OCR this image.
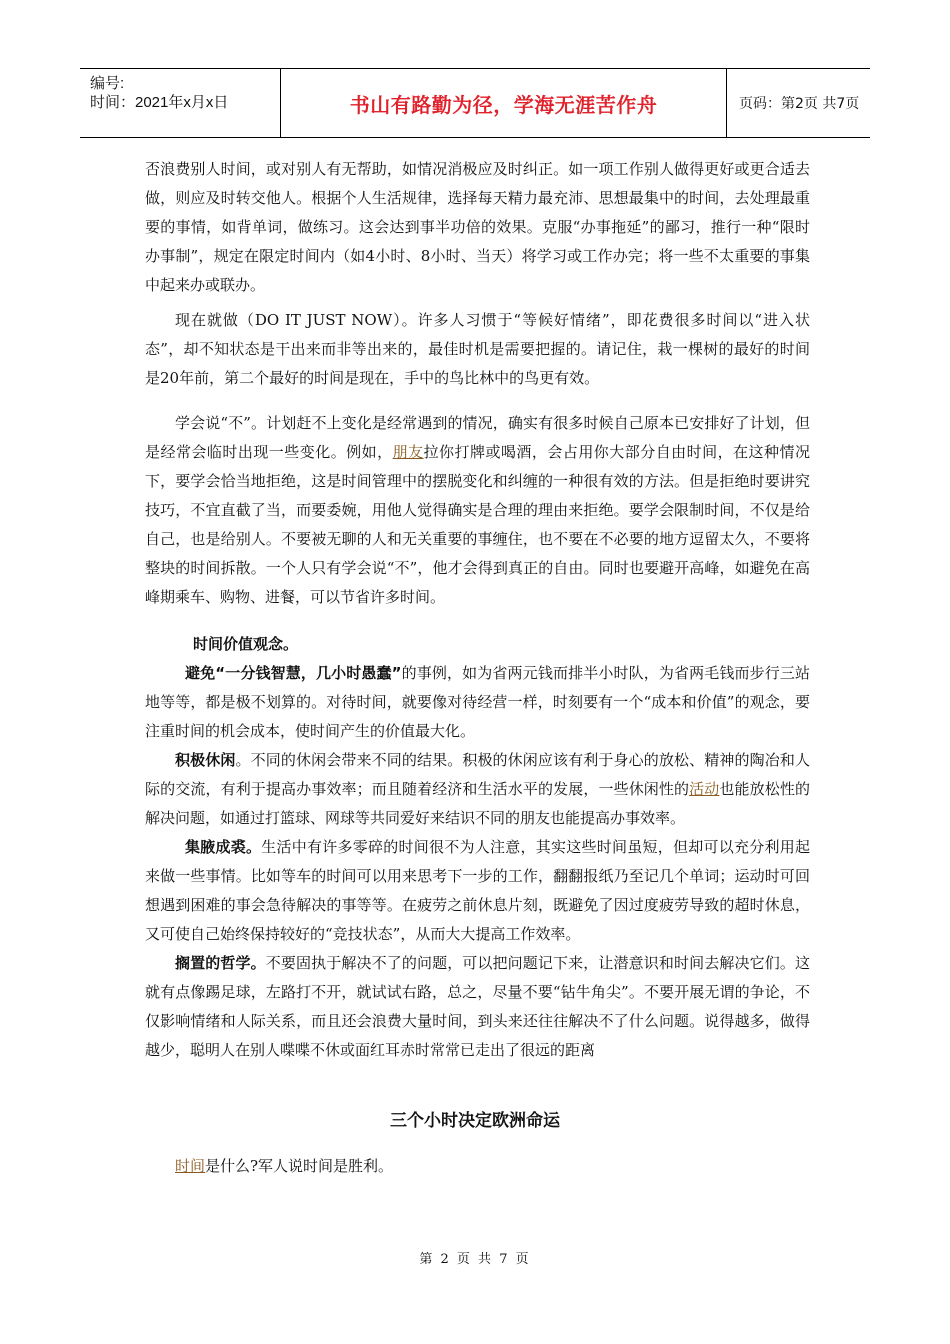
编号:
时间：2021年x月x日	书山有路勤为径，学海无涯苦作舟	页码：第2页 共7页

否浪费别人时间，或对别人有无帮助，如情况消极应及时纠正。如一项工作别人做得更好或更合适去做，则应及时转交他人。根据个人生活规律，选择每天精力最充沛、思想最集中的时间，去处理最重要的事情，如背单词，做练习。这会达到事半功倍的效果。克服“办事拖延”的鄙习，推行一种“限时办事制”，规定在限定时间内（如4小时、8小时、当天）将学习或工作办完；将一些不太重要的事集中起来办或联办。

现在就做（DO IT JUST NOW）。许多人习惯于“等候好情绪”，即花费很多时间以“进入状态”，却不知状态是干出来而非等出来的，最佳时机是需要把握的。请记住，栽一棵树的最好的时间是20年前，第二个最好的时间是现在，手中的鸟比林中的鸟更有效。

学会说“不”。计划赶不上变化是经常遇到的情况，确实有很多时候自己原本已安排好了计划，但是经常会临时出现一些变化。例如，朋友拉你打牌或喝酒，会占用你大部分自由时间，在这种情况下，要学会恰当地拒绝，这是时间管理中的摆脱变化和纠缠的一种很有效的方法。但是拒绝时要讲究技巧，不宜直截了当，而要委婉，用他人觉得确实是合理的理由来拒绝。要学会限制时间，不仅是给自己，也是给别人。不要被无聊的人和无关重要的事缠住，也不要在不必要的地方逗留太久，不要将整块的时间拆散。一个人只有学会说“不”，他才会得到真正的自由。同时也要避开高峰，如避免在高峰期乘车、购物、进餐，可以节省许多时间。

时间价值观念。

避免“一分钱智慧，几小时愚蠢”的事例，如为省两元钱而排半小时队，为省两毛钱而步行三站地等等，都是极不划算的。对待时间，就要像对待经营一样，时刻要有一个“成本和价值”的观念，要注重时间的机会成本，使时间产生的价值最大化。

积极休闲。不同的休闲会带来不同的结果。积极的休闲应该有利于身心的放松、精神的陶冶和人际的交流，有利于提高办事效率；而且随着经济和生活水平的发展，一些休闲性的活动也能放松性的解决问题，如通过打篮球、网球等共同爱好来结识不同的朋友也能提高办事效率。

集腋成裘。生活中有许多零碎的时间很不为人注意，其实这些时间虽短，但却可以充分利用起来做一些事情。比如等车的时间可以用来思考下一步的工作，翻翻报纸乃至记几个单词；运动时可回想遇到困难的事会急待解决的事等等。在疲劳之前休息片刻，既避免了因过度疲劳导致的超时休息，又可使自己始终保持较好的“竞技状态”，从而大大提高工作效率。

搁置的哲学。不要固执于解决不了的问题，可以把问题记下来，让潜意识和时间去解决它们。这就有点像踢足球，左路打不开，就试试右路，总之，尽量不要“钻牛角尖”。不要开展无谓的争论，不仅影响情绪和人际关系，而且还会浪费大量时间，到头来还往往解决不了什么问题。说得越多，做得越少，聪明人在别人喋喋不休或面红耳赤时常常已走出了很远的距离

三个小时决定欧洲命运

时间是什么?军人说时间是胜利。

第 2 页 共 7 页
